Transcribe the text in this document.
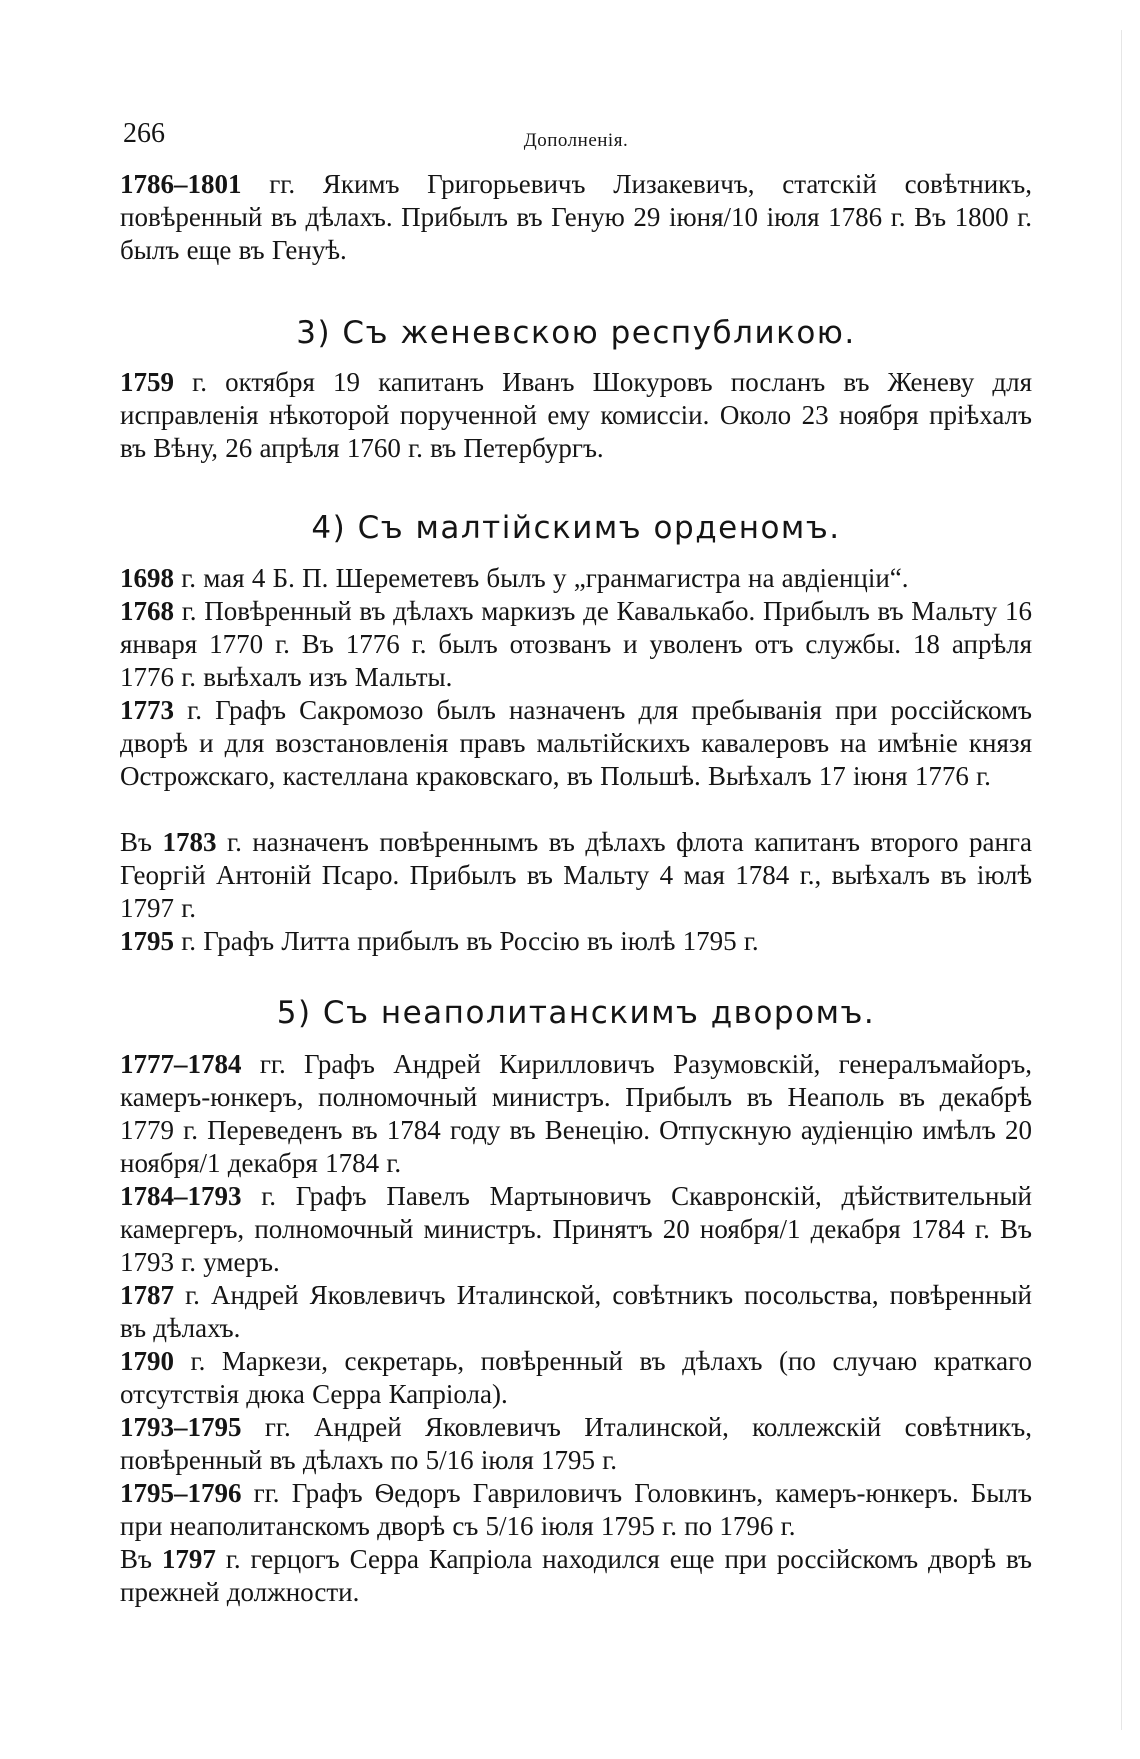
266	Дополненія.

1786–1801 гг. Якимъ Григорьевичъ Лизакевичъ, статскій совѣтникъ, повѣренный въ дѣлахъ. Прибылъ въ Геную 29 іюня/10 іюля 1786 г. Въ 1800 г. былъ еще въ Генуѣ.

3) Съ женевскою республикою.

1759 г. октября 19 капитанъ Иванъ Шокуровъ посланъ въ Женеву для исправленія нѣкоторой порученной ему комиссіи. Около 23 ноября пріѣхалъ въ Вѣну, 26 апрѣля 1760 г. въ Петербургъ.

4) Съ малтійскимъ орденомъ.

1698 г. мая 4 Б. П. Шереметевъ былъ у „гранмагистра на авдіенціи“.

1768 г. Повѣренный въ дѣлахъ маркизъ де Кавалькабо. Прибылъ въ Мальту 16 января 1770 г. Въ 1776 г. былъ отозванъ и уволенъ отъ службы. 18 апрѣля 1776 г. выѣхалъ изъ Мальты.

1773 г. Графъ Сакромозо былъ назначенъ для пребыванія при россійскомъ дворѣ и для возстановленія правъ мальтійскихъ кавалеровъ на имѣніе князя Острожскаго, кастеллана краковскаго, въ Польшѣ. Выѣхалъ 17 іюня 1776 г.

Въ 1783 г. назначенъ повѣреннымъ въ дѣлахъ флота капитанъ второго ранга Георгій Антоній Псаро. Прибылъ въ Мальту 4 мая 1784 г., выѣхалъ въ іюлѣ 1797 г.

1795 г. Графъ Литта прибылъ въ Россію въ іюлѣ 1795 г.

5) Съ неаполитанскимъ дворомъ.

1777–1784 гг. Графъ Андрей Кирилловичъ Разумовскій, генералъмайоръ, камеръ-юнкеръ, полномочный министръ. Прибылъ въ Неаполь въ декабрѣ 1779 г. Переведенъ въ 1784 году въ Венецію. Отпускную аудіенцію имѣлъ 20 ноября/1 декабря 1784 г.

1784–1793 г. Графъ Павелъ Мартыновичъ Скавронскій, дѣйствительный камергеръ, полномочный министръ. Принятъ 20 ноября/1 декабря 1784 г. Въ 1793 г. умеръ.

1787 г. Андрей Яковлевичъ Италинской, совѣтникъ посольства, повѣренный въ дѣлахъ.

1790 г. Маркези, секретарь, повѣренный въ дѣлахъ (по случаю краткаго отсутствія дюка Серра Капріола).

1793–1795 гг. Андрей Яковлевичъ Италинской, коллежскій совѣтникъ, повѣренный въ дѣлахъ по 5/16 іюля 1795 г.

1795–1796 гг. Графъ Ѳедоръ Гавриловичъ Головкинъ, камеръ-юнкеръ. Былъ при неаполитанскомъ дворѣ съ 5/16 іюля 1795 г. по 1796 г.

Въ 1797 г. герцогъ Серра Капріола находился еще при россійскомъ дворѣ въ прежней должности.
